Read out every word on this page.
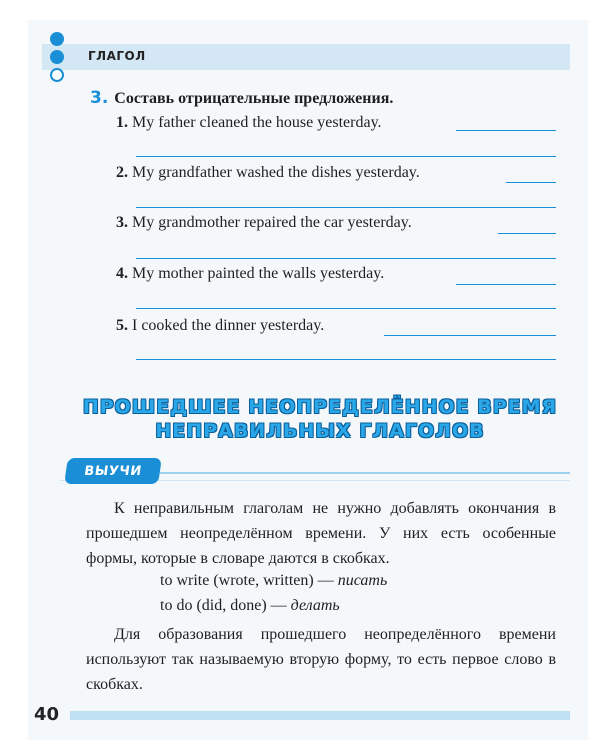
ГЛАГОЛ
3. Составь отрицательные предложения.
1. My father cleaned the house yesterday.
2. My grandfather washed the dishes yesterday.
3. My grandmother repaired the car yesterday.
4. My mother painted the walls yesterday.
5. I cooked the dinner yesterday.
ПРОШЕДШЕЕ НЕОПРЕДЕЛЁННОЕ ВРЕМЯ
НЕПРАВИЛЬНЫХ ГЛАГОЛОВ
ВЫУЧИ
К неправильным глаголам не нужно добавлять окончания в прошедшем неопределённом времени. У них есть особенные формы, которые в словаре даются в скобках.
to write (wrote, written) — писать
to do (did, done) — делать
Для образования прошедшего неопределённого времени используют так называемую вторую форму, то есть первое слово в скобках.
40
